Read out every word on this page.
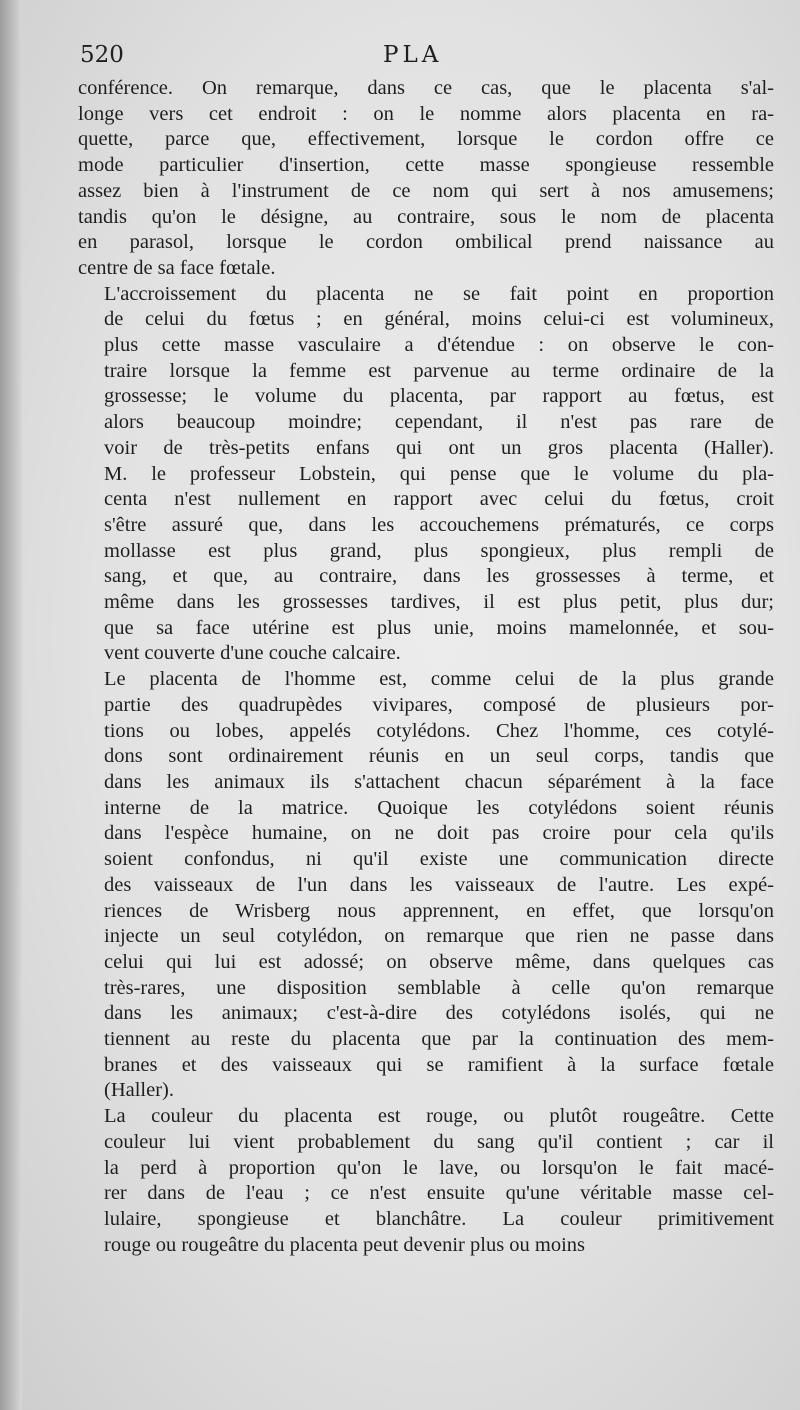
520	PLA

conférence. On remarque, dans ce cas, que le placenta s'al-
longe vers cet endroit : on le nomme alors placenta en ra-
quette, parce que, effectivement, lorsque le cordon offre ce
mode particulier d'insertion, cette masse spongieuse ressemble
assez bien à l'instrument de ce nom qui sert à nos amusemens;
tandis qu'on le désigne, au contraire, sous le nom de placenta
en parasol, lorsque le cordon ombilical prend naissance au
centre de sa face fœtale.

L'accroissement du placenta ne se fait point en proportion
de celui du fœtus ; en général, moins celui-ci est volumineux,
plus cette masse vasculaire a d'étendue : on observe le con-
traire lorsque la femme est parvenue au terme ordinaire de la
grossesse; le volume du placenta, par rapport au fœtus, est
alors beaucoup moindre; cependant, il n'est pas rare de
voir de très-petits enfans qui ont un gros placenta (Haller).
M. le professeur Lobstein, qui pense que le volume du pla-
centa n'est nullement en rapport avec celui du fœtus, croit
s'être assuré que, dans les accouchemens prématurés, ce corps
mollasse est plus grand, plus spongieux, plus rempli de
sang, et que, au contraire, dans les grossesses à terme, et
même dans les grossesses tardives, il est plus petit, plus dur;
que sa face utérine est plus unie, moins mamelonnée, et sou-
vent couverte d'une couche calcaire.

Le placenta de l'homme est, comme celui de la plus grande
partie des quadrupèdes vivipares, composé de plusieurs por-
tions ou lobes, appelés cotylédons. Chez l'homme, ces cotylé-
dons sont ordinairement réunis en un seul corps, tandis que
dans les animaux ils s'attachent chacun séparément à la face
interne de la matrice. Quoique les cotylédons soient réunis
dans l'espèce humaine, on ne doit pas croire pour cela qu'ils
soient confondus, ni qu'il existe une communication directe
des vaisseaux de l'un dans les vaisseaux de l'autre. Les expé-
riences de Wrisberg nous apprennent, en effet, que lorsqu'on
injecte un seul cotylédon, on remarque que rien ne passe dans
celui qui lui est adossé; on observe même, dans quelques cas
très-rares, une disposition semblable à celle qu'on remarque
dans les animaux; c'est-à-dire des cotylédons isolés, qui ne
tiennent au reste du placenta que par la continuation des mem-
branes et des vaisseaux qui se ramifient à la surface fœtale
(Haller).

La couleur du placenta est rouge, ou plutôt rougeâtre. Cette
couleur lui vient probablement du sang qu'il contient ; car il
la perd à proportion qu'on le lave, ou lorsqu'on le fait macé-
rer dans de l'eau ; ce n'est ensuite qu'une véritable masse cel-
lulaire, spongieuse et blanchâtre. La couleur primitivement
rouge ou rougeâtre du placenta peut devenir plus ou moins
